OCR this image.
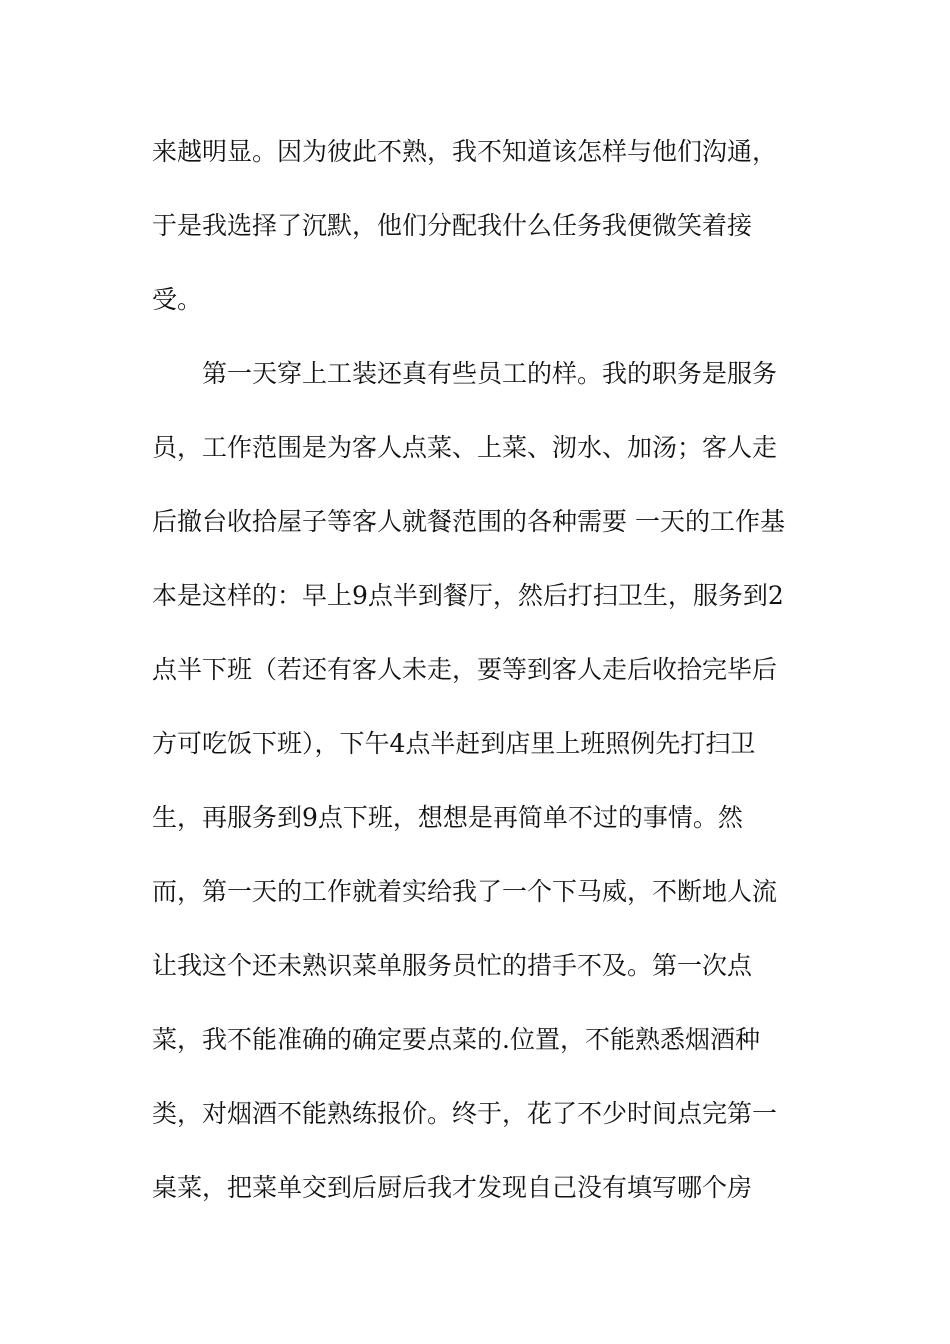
来越明显。因为彼此不熟，我不知道该怎样与他们沟通，
于是我选择了沉默，他们分配我什么任务我便微笑着接
受。
第一天穿上工装还真有些员工的样。我的职务是服务
员，工作范围是为客人点菜、上菜、沏水、加汤；客人走
后撤台收拾屋子等客人就餐范围的各种需要 一天的工作基
本是这样的：早上9点半到餐厅，然后打扫卫生，服务到2
点半下班（若还有客人未走，要等到客人走后收拾完毕后
方可吃饭下班），下午4点半赶到店里上班照例先打扫卫
生，再服务到9点下班，想想是再简单不过的事情。然
而，第一天的工作就着实给我了一个下马威，不断地人流
让我这个还未熟识菜单服务员忙的措手不及。第一次点
菜，我不能准确的确定要点菜的.位置，不能熟悉烟酒种
类，对烟酒不能熟练报价。终于，花了不少时间点完第一
桌菜，把菜单交到后厨后我才发现自己没有填写哪个房
